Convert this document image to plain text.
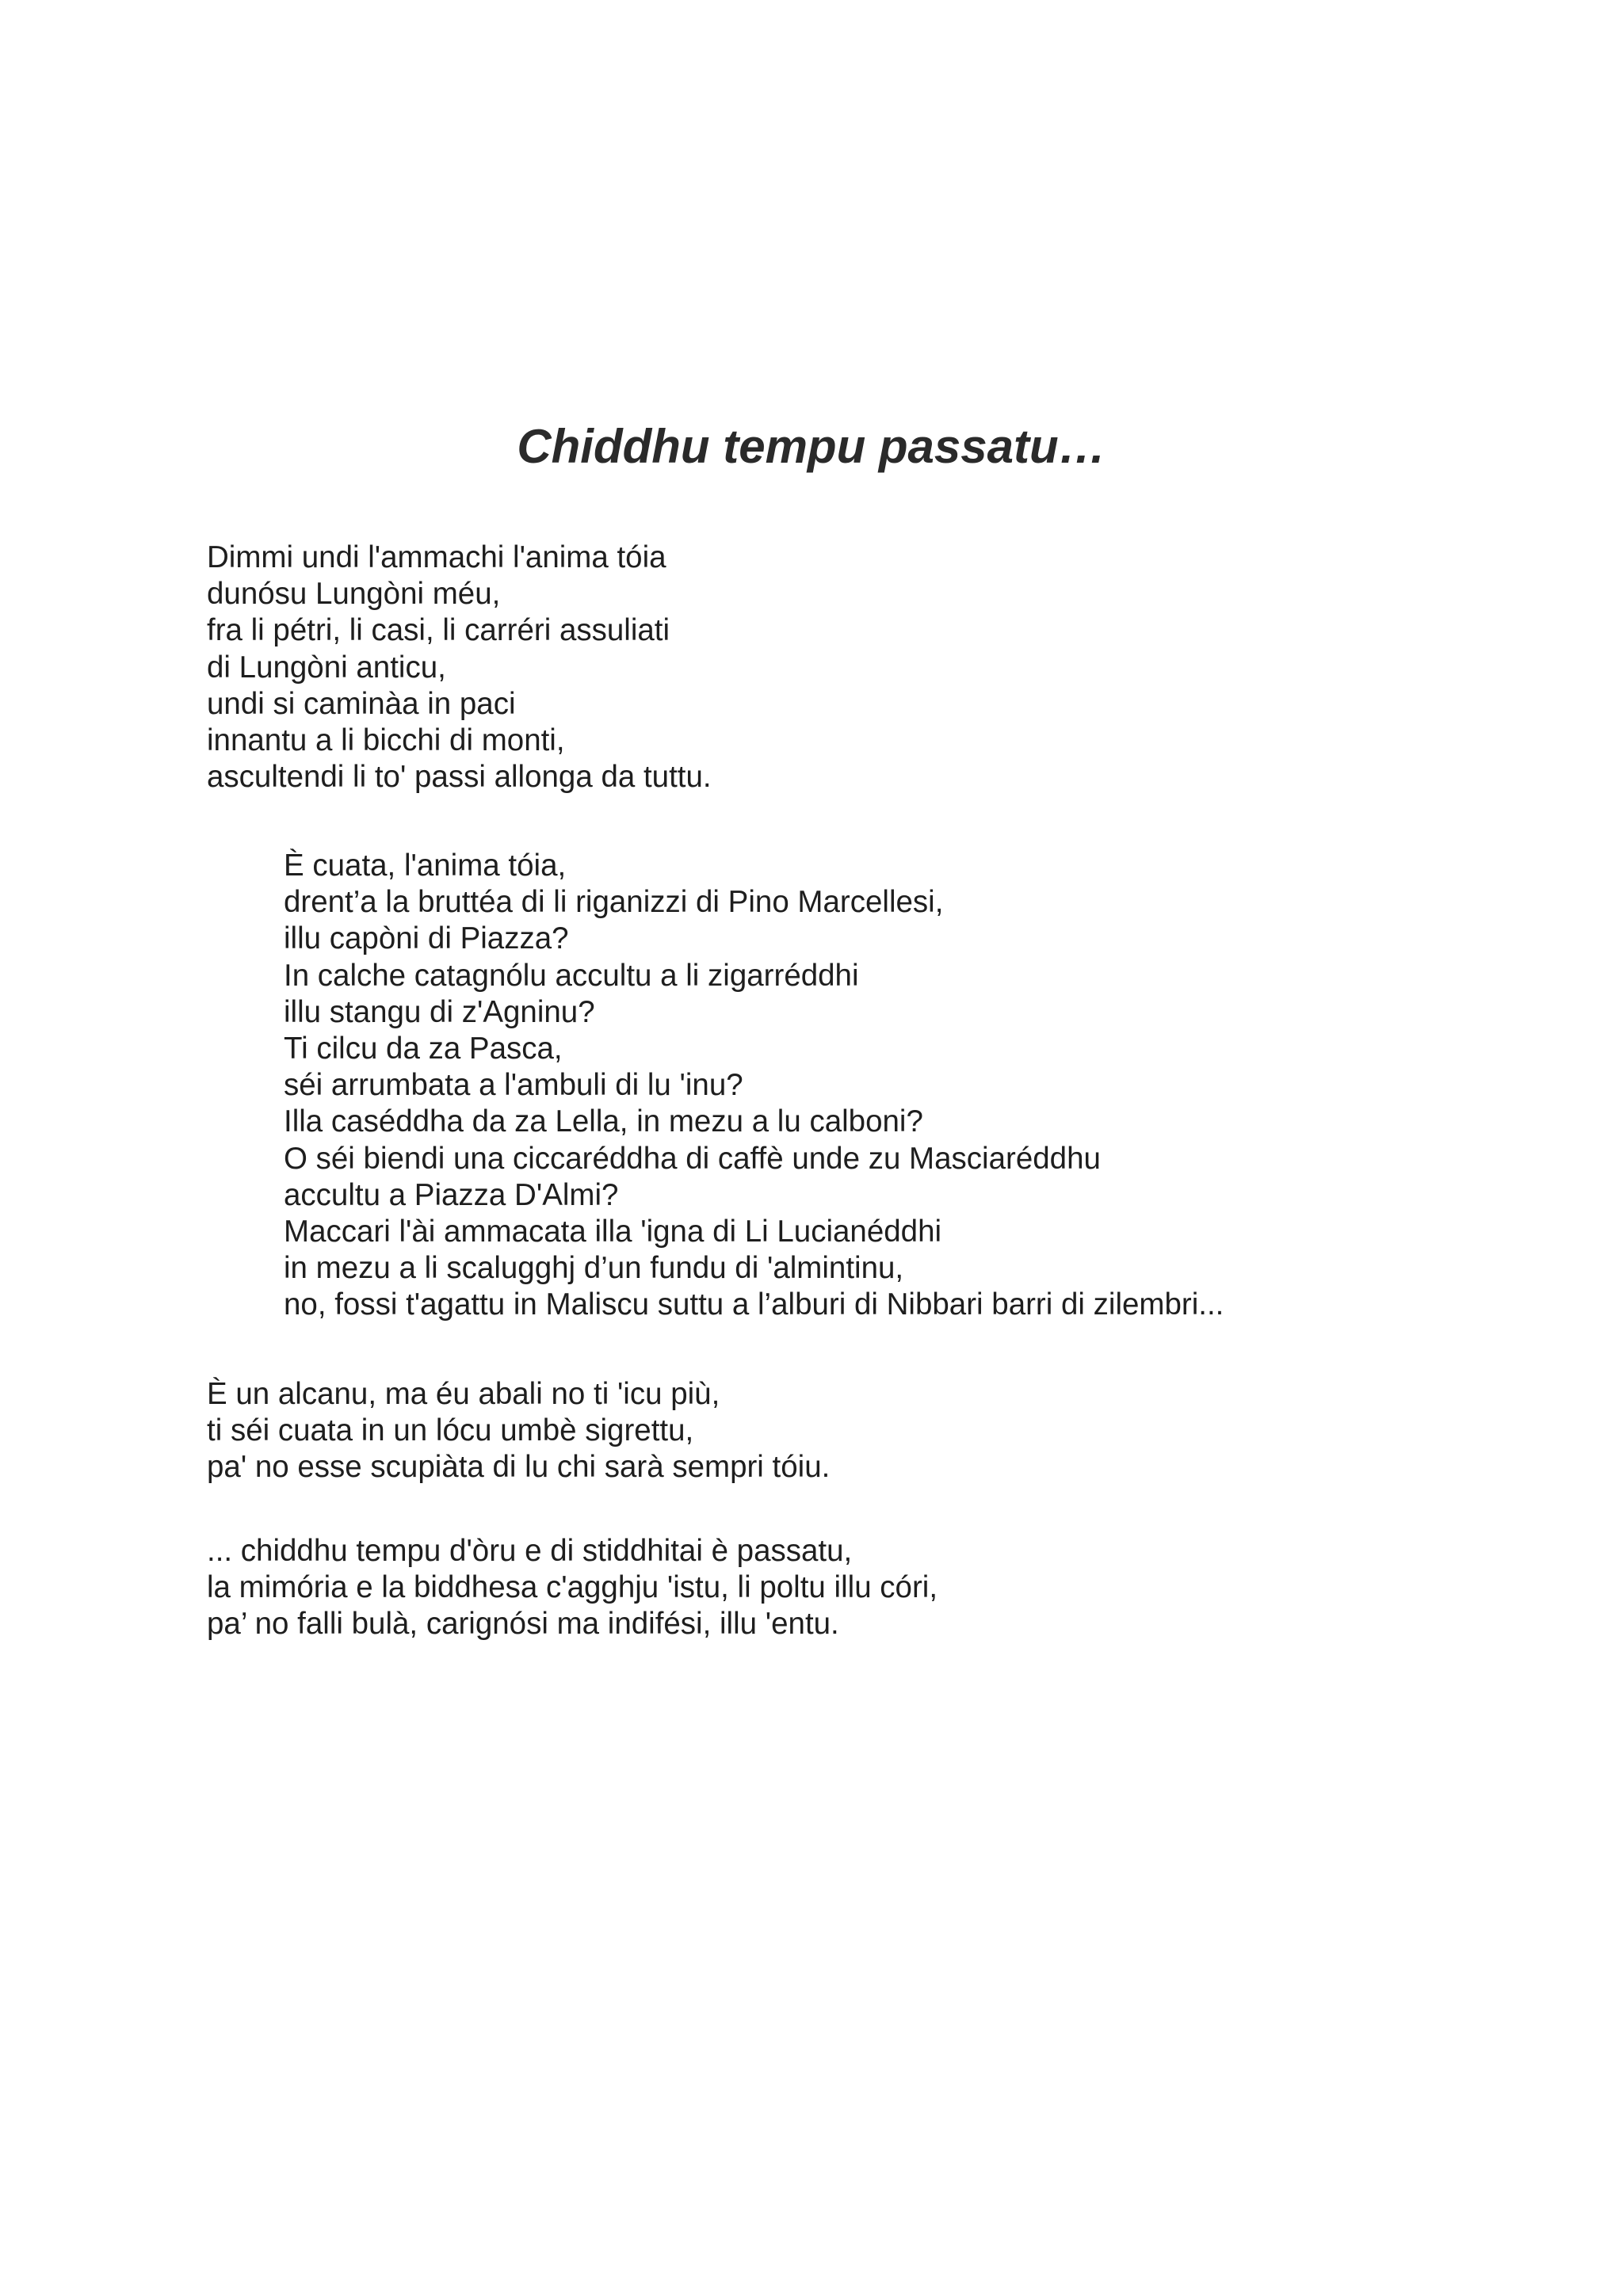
Chiddhu tempu passatu…
Dimmi undi l'ammachi l'anima tóia
dunósu Lungòni méu,
fra li pétri, li casi, li carréri assuliati
di Lungòni anticu,
undi si caminàa in paci
innantu a li bicchi di monti,
ascultendi li to' passi allonga da tuttu.
È cuata, l'anima tóia,
drent’a la bruttéa di li riganizzi di Pino Marcellesi,
illu capòni di Piazza?
In calche catagnólu accultu a li zigarréddhi
illu stangu di z'Agninu?
Ti cilcu da za Pasca,
séi arrumbata a l'ambuli di lu 'inu?
Illa caséddha da za Lella, in mezu a lu calboni?
O séi biendi una ciccaréddha di caffè unde zu Masciaréddhu
accultu a Piazza D'Almi?
Maccari l'ài ammacata illa 'igna di Li Lucianéddhi
in mezu a li scalugghj d’un fundu di 'almintinu,
no, fossi t'agattu in Maliscu suttu a l’alburi di Nibbari barri di zilembri...
È un alcanu, ma éu abali no ti 'icu più,
ti séi cuata in un lócu umbè sigrettu,
pa' no esse scupiàta di lu chi sarà sempri tóiu.
... chiddhu tempu d'òru e di stiddhitai è passatu,
la mimória e la biddhesa c'agghju 'istu, li poltu illu córi,
pa’ no falli bulà, carignósi ma indifési, illu 'entu.
